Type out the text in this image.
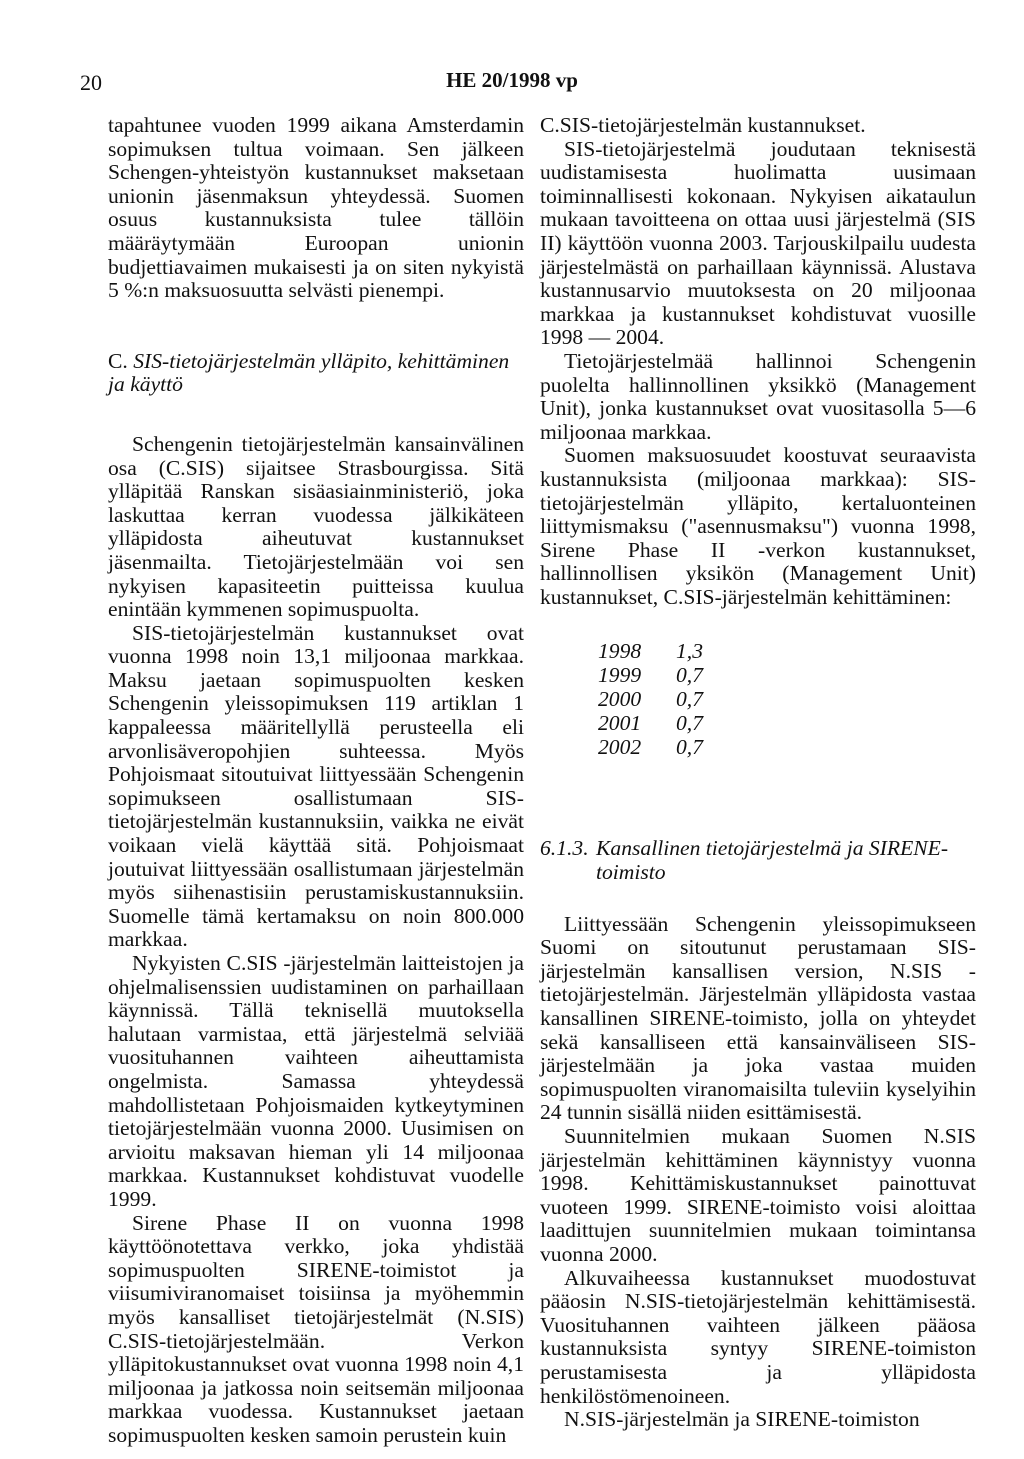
20	HE 20/1998 vp

tapahtunee vuoden 1999 aikana Amsterdamin sopimuksen tultua voimaan. Sen jälkeen Schengen-yhteistyön kustannukset maksetaan unionin jäsenmaksun yhteydessä. Suomen osuus kustannuksista tulee tällöin määräytymään Euroopan unionin budjettiavaimen mukaisesti ja on siten nykyistä 5 %:n maksuosuutta selvästi pienempi.

C. SIS-tietojärjestelmän ylläpito, kehittäminen ja käyttö

Schengenin tietojärjestelmän kansainvälinen osa (C.SIS) sijaitsee Strasbourgissa. Sitä ylläpitää Ranskan sisäasiainministeriö, joka laskuttaa kerran vuodessa jälkikäteen ylläpidosta aiheutuvat kustannukset jäsenmailta. Tietojärjestelmään voi sen nykyisen kapasiteetin puitteissa kuulua enintään kymmenen sopimuspuolta.

SIS-tietojärjestelmän kustannukset ovat vuonna 1998 noin 13,1 miljoonaa markkaa. Maksu jaetaan sopimuspuolten kesken Schengenin yleissopimuksen 119 artiklan 1 kappaleessa määritellyllä perusteella eli arvonlisäveropohjien suhteessa. Myös Pohjoismaat sitoutuivat liittyessään Schengenin sopimukseen osallistumaan SIS-tietojärjestelmän kustannuksiin, vaikka ne eivät voikaan vielä käyttää sitä. Pohjoismaat joutuivat liittyessään osallistumaan järjestelmän myös siihenastisiin perustamiskustannuksiin. Suomelle tämä kertamaksu on noin 800.000 markkaa.

Nykyisten C.SIS -järjestelmän laitteistojen ja ohjelmalisenssien uudistaminen on parhaillaan käynnissä. Tällä teknisellä muutoksella halutaan varmistaa, että järjestelmä selviää vuosituhannen vaihteen aiheuttamista ongelmista. Samassa yhteydessä mahdollistetaan Pohjoismaiden kytkeytyminen tietojärjestelmään vuonna 2000. Uusimisen on arvioitu maksavan hieman yli 14 miljoonaa markkaa. Kustannukset kohdistuvat vuodelle 1999.

Sirene Phase II on vuonna 1998 käyttöönotettava verkko, joka yhdistää sopimuspuolten SIRENE-toimistot ja viisumiviranomaiset toisiinsa ja myöhemmin myös kansalliset tietojärjestelmät (N.SIS) C.SIS-tietojärjestelmään. Verkon ylläpitokustannukset ovat vuonna 1998 noin 4,1 miljoonaa ja jatkossa noin seitsemän miljoonaa markkaa vuodessa. Kustannukset jaetaan sopimuspuolten kesken samoin perustein kuin

C.SIS-tietojärjestelmän kustannukset.

SIS-tietojärjestelmä joudutaan teknisestä uudistamisesta huolimatta uusimaan toiminnallisesti kokonaan. Nykyisen aikataulun mukaan tavoitteena on ottaa uusi järjestelmä (SIS II) käyttöön vuonna 2003. Tarjouskilpailu uudesta järjestelmästä on parhaillaan käynnissä. Alustava kustannusarvio muutoksesta on 20 miljoonaa markkaa ja kustannukset kohdistuvat vuosille 1998 — 2004.

Tietojärjestelmää hallinnoi Schengenin puolelta hallinnollinen yksikkö (Management Unit), jonka kustannukset ovat vuositasolla 5—6 miljoonaa markkaa.

Suomen maksuosuudet koostuvat seuraavista kustannuksista (miljoonaa markkaa): SIS- tietojärjestelmän ylläpito, kertaluonteinen liittymismaksu ("asennusmaksu") vuonna 1998, Sirene Phase II -verkon kustannukset, hallinnollisen yksikön (Management Unit) kustannukset, C.SIS-järjestelmän kehittäminen:

1998	1,3
1999	0,7
2000	0,7
2001	0,7
2002	0,7
6.1.3. Kansallinen tietojärjestelmä ja SIRENE-toimisto

Liittyessään Schengenin yleissopimukseen Suomi on sitoutunut perustamaan SIS-järjestelmän kansallisen version, N.SIS -tietojärjestelmän. Järjestelmän ylläpidosta vastaa kansallinen SIRENE-toimisto, jolla on yhteydet sekä kansalliseen että kansainväliseen SIS-järjestelmään ja joka vastaa muiden sopimuspuolten viranomaisilta tuleviin kyselyihin 24 tunnin sisällä niiden esittämisestä.

Suunnitelmien mukaan Suomen N.SIS järjestelmän kehittäminen käynnistyy vuonna 1998. Kehittämiskustannukset painottuvat vuoteen 1999. SIRENE-toimisto voisi aloittaa laadittujen suunnitelmien mukaan toimintansa vuonna 2000.

Alkuvaiheessa kustannukset muodostuvat pääosin N.SIS-tietojärjestelmän kehittämisestä. Vuosituhannen vaihteen jälkeen pääosa kustannuksista syntyy SIRENE-toimiston perustamisesta ja ylläpidosta henkilöstömenoineen.

N.SIS-järjestelmän ja SIRENE-toimiston
